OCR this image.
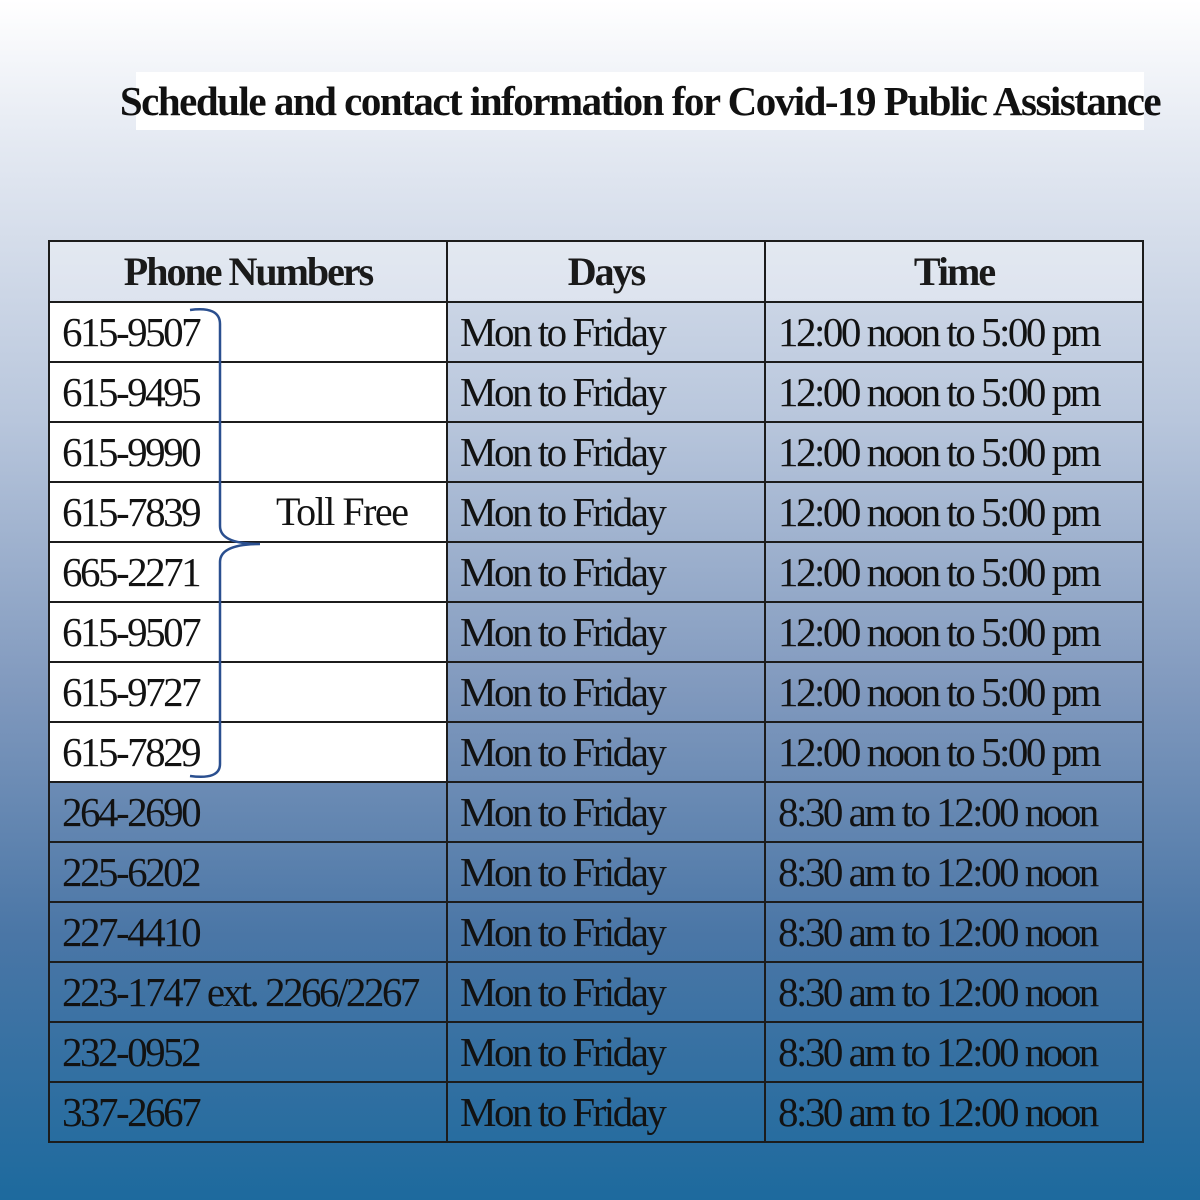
Schedule and contact information for Covid-19 Public Assistance
Phone Numbers	Days	Time
615-9507	Mon to Friday	12:00 noon to 5:00 pm
615-9495	Mon to Friday	12:00 noon to 5:00 pm
615-9990	Mon to Friday	12:00 noon to 5:00 pm
615-7839 Toll Free	Mon to Friday	12:00 noon to 5:00 pm
665-2271	Mon to Friday	12:00 noon to 5:00 pm
615-9507	Mon to Friday	12:00 noon to 5:00 pm
615-9727	Mon to Friday	12:00 noon to 5:00 pm
615-7829	Mon to Friday	12:00 noon to 5:00 pm
264-2690	Mon to Friday	8:30 am to 12:00 noon
225-6202	Mon to Friday	8:30 am to 12:00 noon
227-4410	Mon to Friday	8:30 am to 12:00 noon
223-1747 ext. 2266/2267	Mon to Friday	8:30 am to 12:00 noon
232-0952	Mon to Friday	8:30 am to 12:00 noon
337-2667	Mon to Friday	8:30 am to 12:00 noon
